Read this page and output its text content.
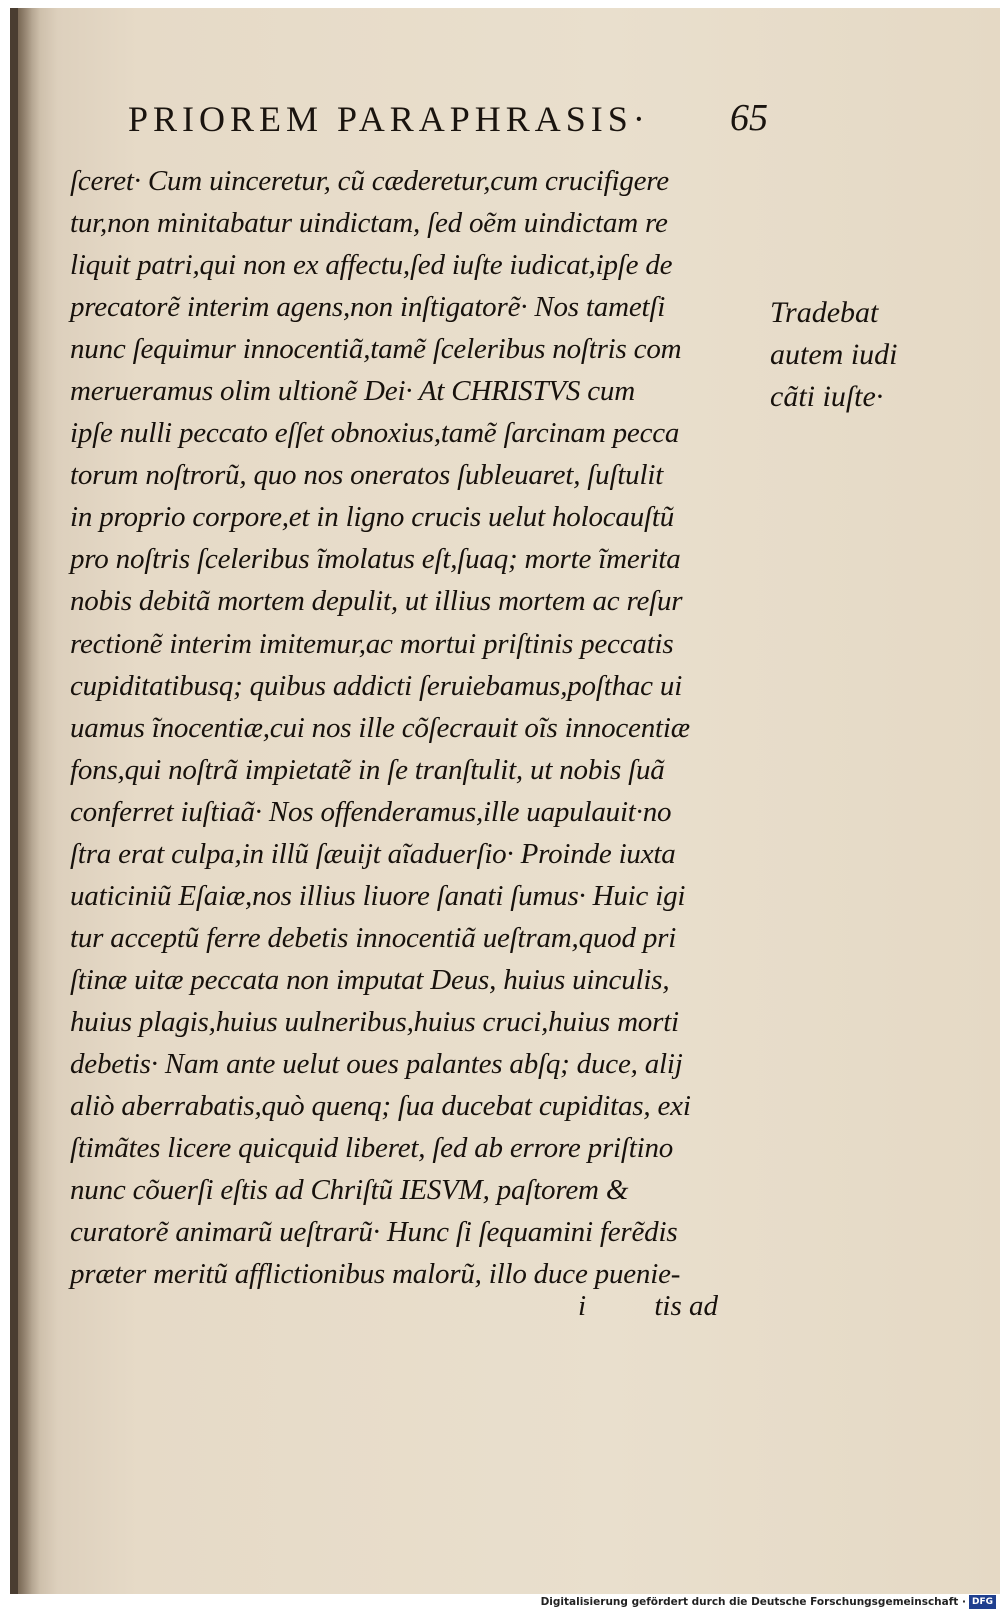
PRIOREM PARAPHRASIS· 65
ſceret· Cum uinceretur, cũ cæderetur,cum crucifigere
tur,non minitabatur uindictam, ſed oẽm uindictam re
liquit patri,qui non ex affectu,ſed iuſte iudicat,ipſe de
precatorẽ interim agens,non inſtigatorẽ· Nos tametſi
nunc ſequimur innocentiã,tamẽ ſceleribus noſtris com
merueramus olim ultionẽ Dei· At CHRISTVS cum
ipſe nulli peccato eſſet obnoxius,tamẽ ſarcinam pecca
torum noſtrorũ, quo nos oneratos ſubleuaret, ſuſtulit
in proprio corpore,et in ligno crucis uelut holocauſtũ
pro noſtris ſceleribus ĩmolatus eſt,ſuaq; morte ĩmerita
nobis debitã mortem depulit, ut illius mortem ac reſur
rectionẽ interim imitemur,ac mortui priſtinis peccatis
cupiditatibusq; quibus addicti ſeruiebamus,poſthac ui
uamus ĩnocentiæ,cui nos ille cõſecrauit oĩs innocentiæ
fons,qui noſtrã impietatẽ in ſe tranſtulit, ut nobis ſuã
conferret iuſtiaã· Nos offenderamus,ille uapulauit·no
ſtra erat culpa,in illũ ſæuijt aĩaduerſio· Proinde iuxta
uaticiniũ Eſaiæ,nos illius liuore ſanati ſumus· Huic igi
tur acceptũ ferre debetis innocentiã ueſtram,quod pri
ſtinæ uitæ peccata non imputat Deus, huius uinculis,
huius plagis,huius uulneribus,huius cruci,huius morti
debetis· Nam ante uelut oues palantes abſq; duce, alij
aliò aberrabatis,quò quenq; ſua ducebat cupiditas, exi
ſtimãtes licere quicquid liberet, ſed ab errore priſtino
nunc cõuerſi eſtis ad Chriſtũ IESVM, paſtorem &
curatorẽ animarũ ueſtrarũ· Hunc ſi ſequamini ferẽdis
præter meritũ afflictionibus malorũ, illo duce puenie-
Tradebat
autem iudi
cãti iuſte·
i tis ad
Digitalisierung gefördert durch die Deutsche Forschungsgemeinschaft · DFG
